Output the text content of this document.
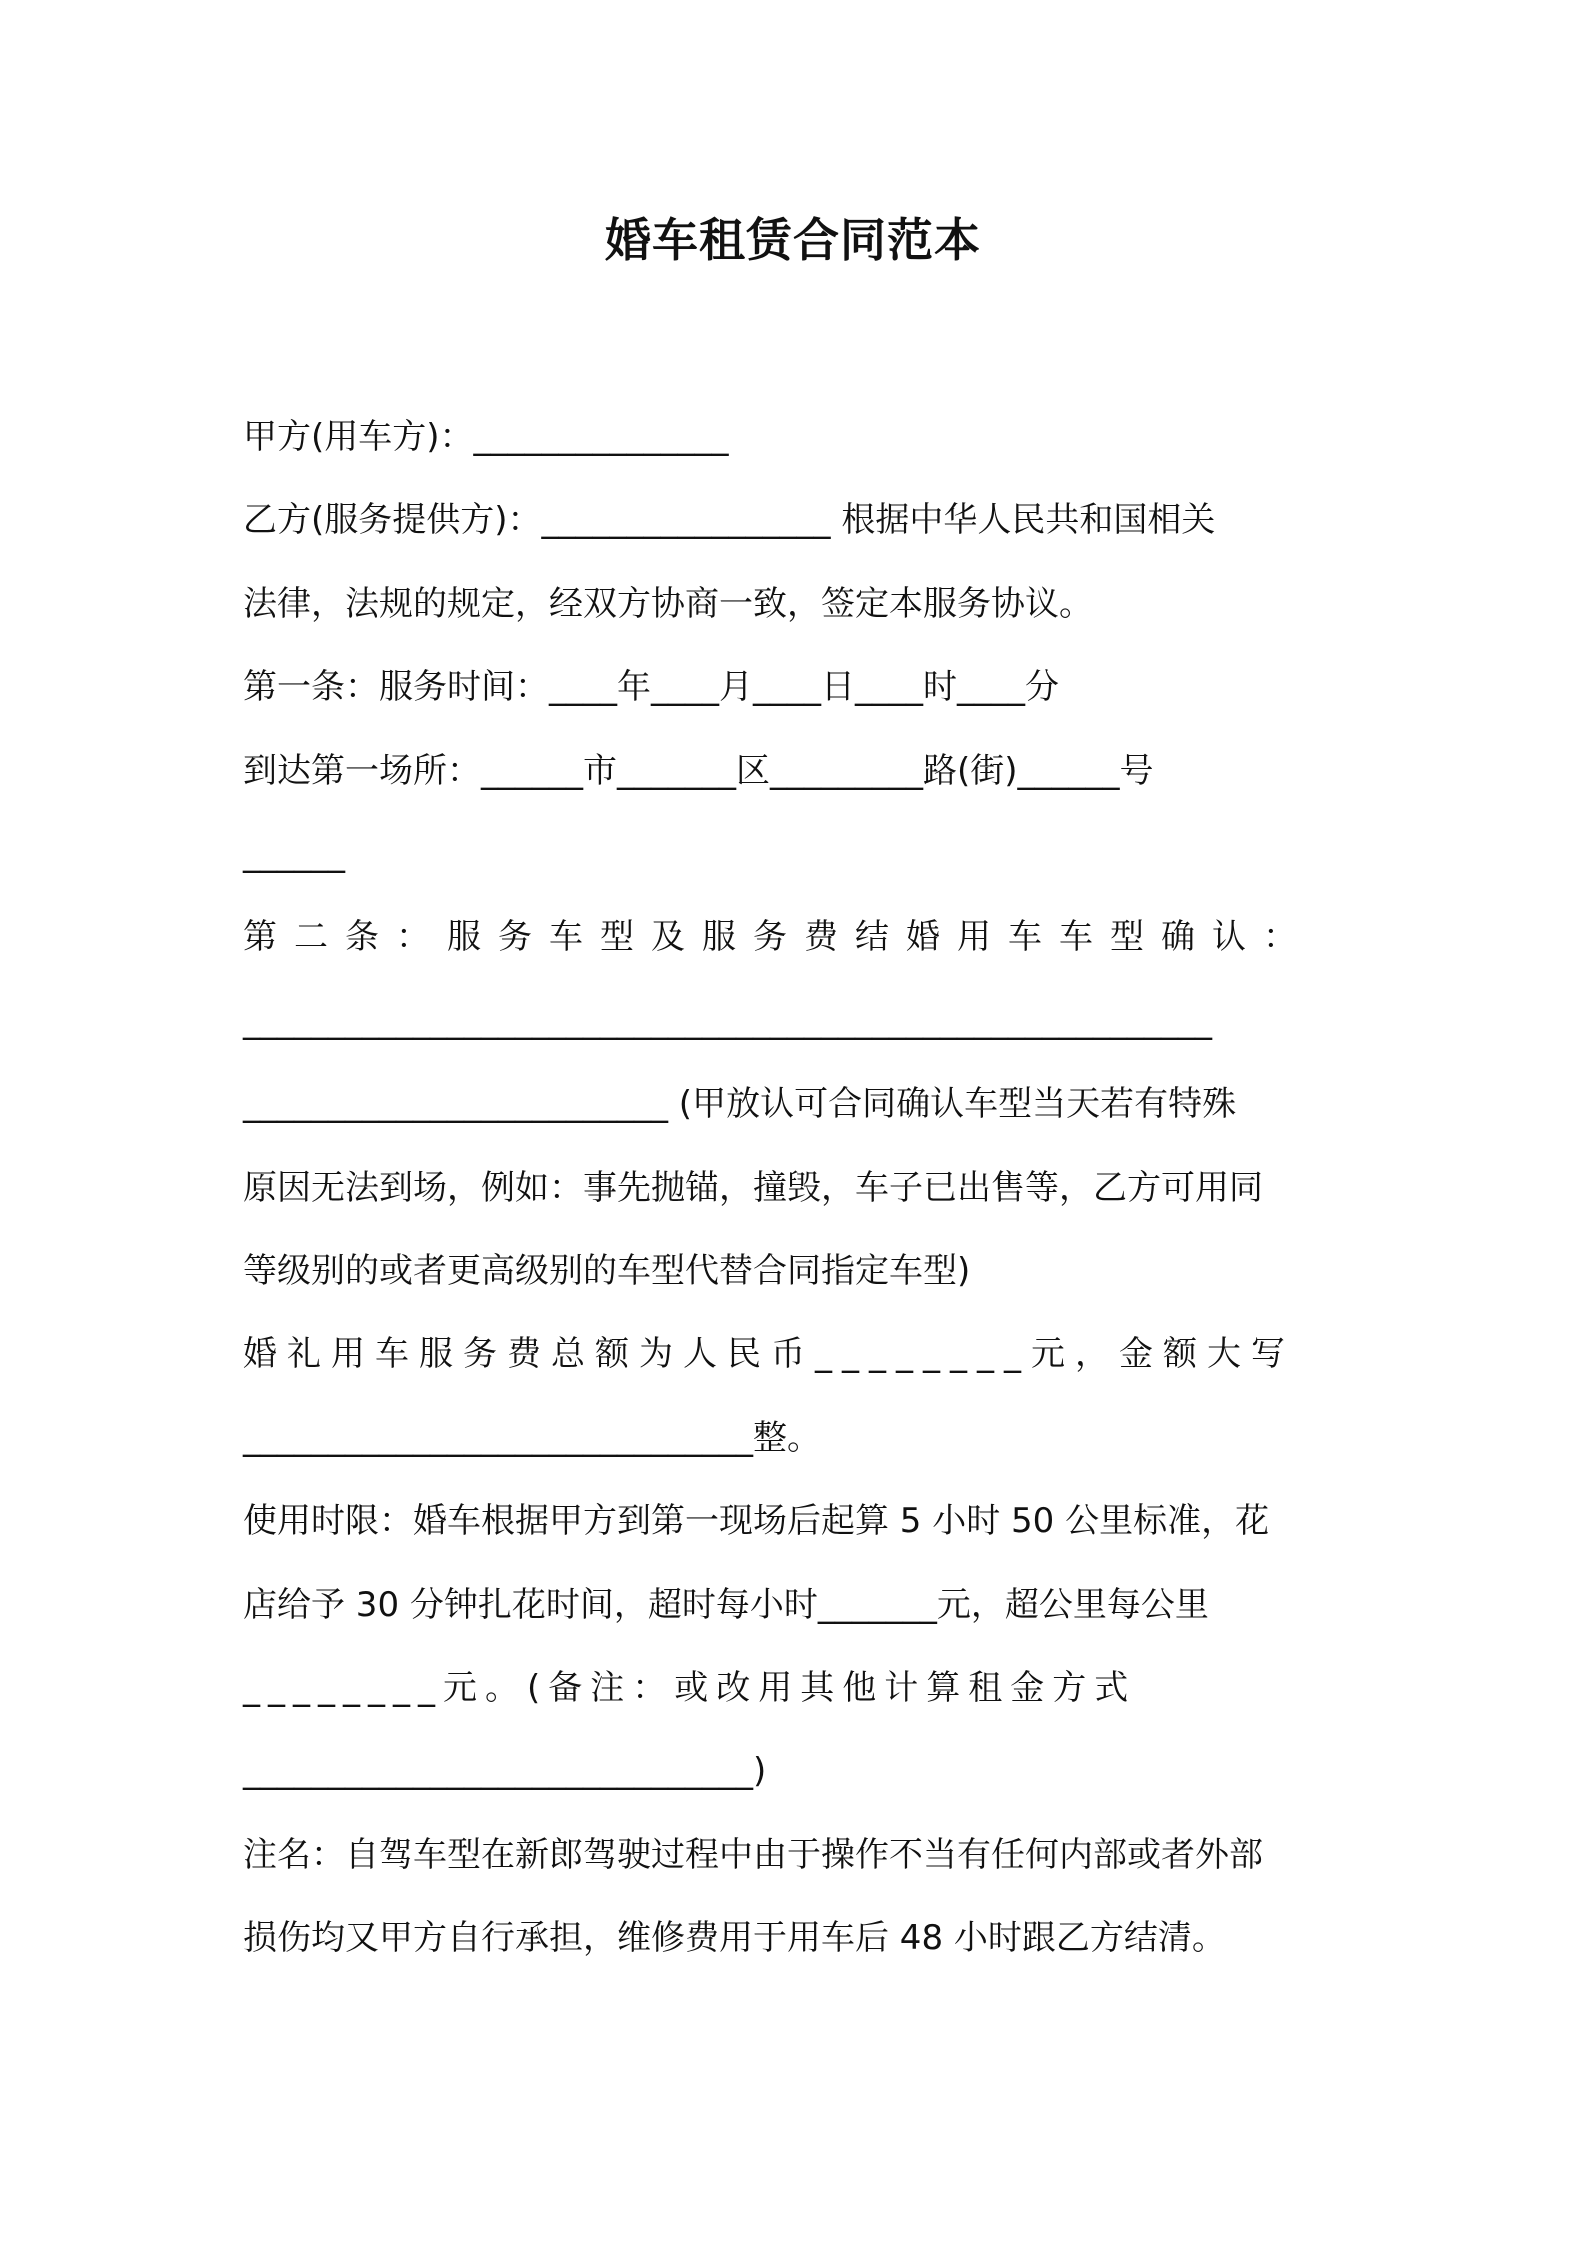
婚车租赁合同范本
甲方(用车方)：_______________
乙方(服务提供方)：_________________ 根据中华人民共和国相关
法律，法规的规定，经双方协商一致，签定本服务协议。
第一条：服务时间：____年____月____日____时____分
到达第一场所：______市_______区_________路(街)______号
______
第二条：服务车型及服务费结婚用车车型确认：
_________________________________________________________
_________________________ (甲放认可合同确认车型当天若有特殊
原因无法到场，例如：事先抛锚，撞毁，车子已出售等，乙方可用同
等级别的或者更高级别的车型代替合同指定车型)
婚礼用车服务费总额为人民币________元，金额大写
______________________________整。
使用时限：婚车根据甲方到第一现场后起算 5 小时 50 公里标准，花
店给予 30 分钟扎花时间，超时每小时_______元，超公里每公里
________元。(备注：或改用其他计算租金方式
______________________________)
注名：自驾车型在新郎驾驶过程中由于操作不当有任何内部或者外部
损伤均又甲方自行承担，维修费用于用车后 48 小时跟乙方结清。
